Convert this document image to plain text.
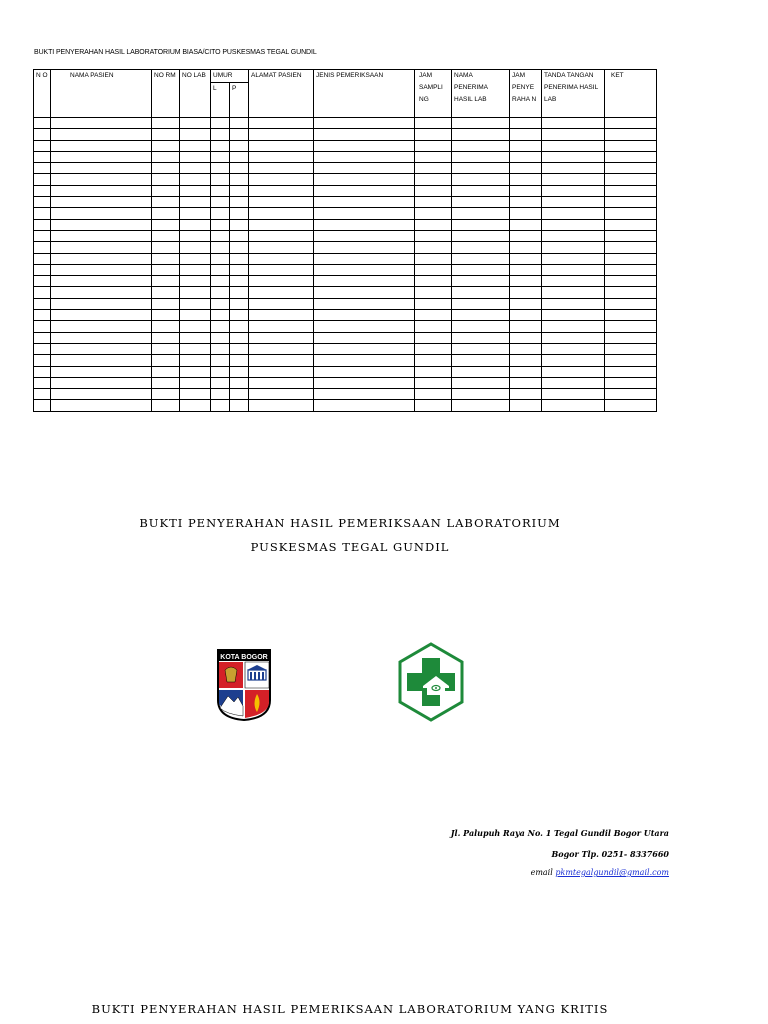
BUKTI PENYERAHAN HASIL LABORATORIUM BIASA/CITO PUSKESMAS TEGAL GUNDIL
N O	NAMA PASIEN	NO RM	NO LAB	UMUR		ALAMAT PASIEN	JENIS PEMERIKSAAN	JAM SAMPLI NG	NAMA PENERIMA HASIL LAB	JAM PENYE RAHA N	TANDA TANGAN PENERIMA HASIL LAB	KET
				L	P							

BUKTI PENYERAHAN HASIL PEMERIKSAAN LABORATORIUM
PUSKESMAS TEGAL GUNDIL
KOTA BOGOR
Jl. Palupuh Raya No. 1 Tegal Gundil Bogor Utara
Bogor Tlp. 0251- 8337660
email pkmtegalgundil@gmail.com
BUKTI PENYERAHAN HASIL PEMERIKSAAN LABORATORIUM YANG KRITIS
